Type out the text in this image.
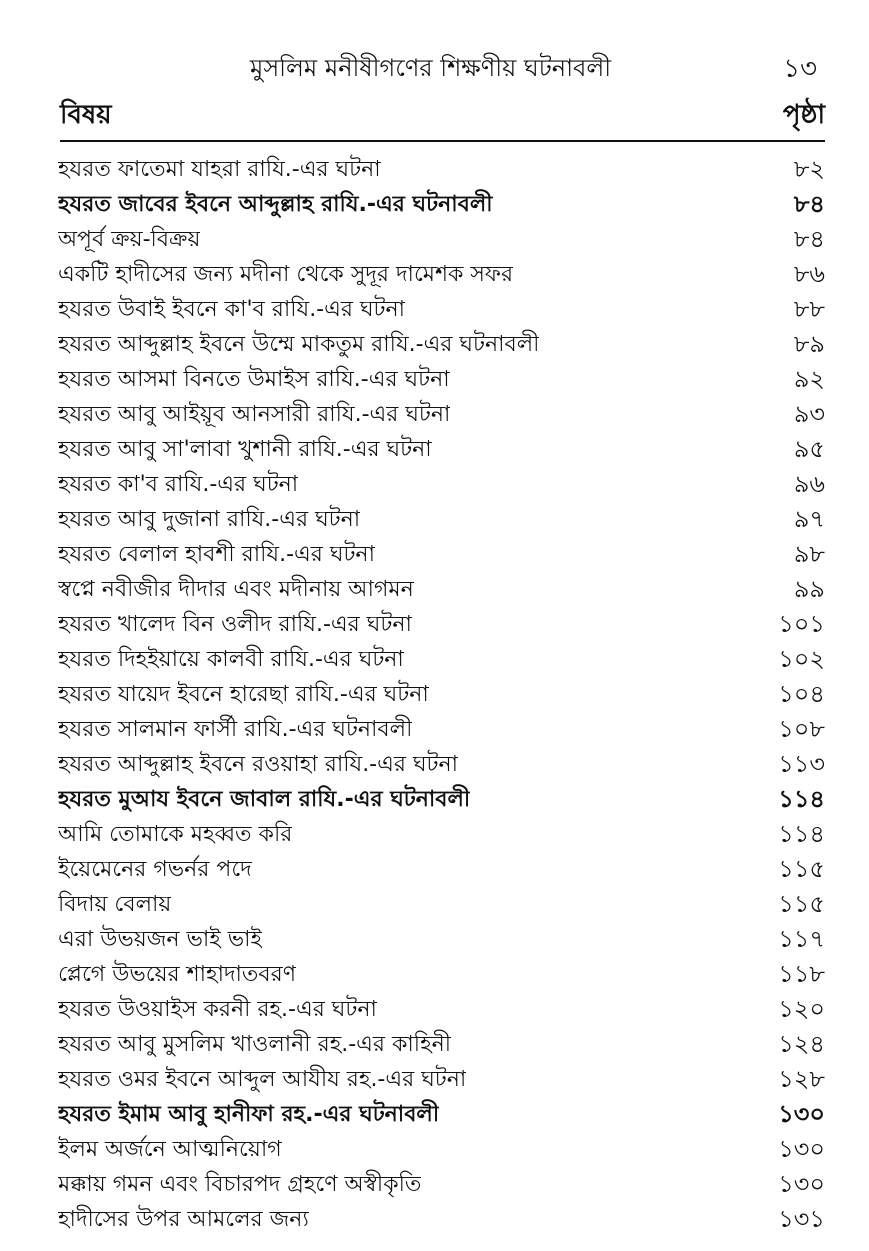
মুসলিম মনীষীগণের শিক্ষণীয় ঘটনাবলী	১৩
বিষয়	পৃষ্ঠা
হযরত ফাতেমা যাহরা রাযি.-এর ঘটনা	৮২
হযরত জাবের ইবনে আব্দুল্লাহ রাযি.-এর ঘটনাবলী	৮৪
অপূর্ব ক্রয়-বিক্রয়	৮৪
একটি হাদীসের জন্য মদীনা থেকে সুদূর দামেশক সফর	৮৬
হযরত উবাই ইবনে কা'ব রাযি.-এর ঘটনা	৮৮
হযরত আব্দুল্লাহ ইবনে উম্মে মাকতুম রাযি.-এর ঘটনাবলী	৮৯
হযরত আসমা বিনতে উমাইস রাযি.-এর ঘটনা	৯২
হযরত আবু আইয়ূব আনসারী রাযি.-এর ঘটনা	৯৩
হযরত আবু সা'লাবা খুশানী রাযি.-এর ঘটনা	৯৫
হযরত কা'ব রাযি.-এর ঘটনা	৯৬
হযরত আবু দুজানা রাযি.-এর ঘটনা	৯৭
হযরত বেলাল হাবশী রাযি.-এর ঘটনা	৯৮
স্বপ্নে নবীজীর দীদার এবং মদীনায় আগমন	৯৯
হযরত খালেদ বিন ওলীদ রাযি.-এর ঘটনা	১০১
হযরত দিহইয়ায়ে কালবী রাযি.-এর ঘটনা	১০২
হযরত যায়েদ ইবনে হারেছা রাযি.-এর ঘটনা	১০৪
হযরত সালমান ফার্সী রাযি.-এর ঘটনাবলী	১০৮
হযরত আব্দুল্লাহ ইবনে রওয়াহা রাযি.-এর ঘটনা	১১৩
হযরত মুআয ইবনে জাবাল রাযি.-এর ঘটনাবলী	১১৪
আমি তোমাকে মহব্বত করি	১১৪
ইয়েমেনের গভর্নর পদে	১১৫
বিদায় বেলায়	১১৫
এরা উভয়জন ভাই ভাই	১১৭
প্লেগে উভয়ের শাহাদাতবরণ	১১৮
হযরত উওয়াইস করনী রহ.-এর ঘটনা	১২০
হযরত আবু মুসলিম খাওলানী রহ.-এর কাহিনী	১২৪
হযরত ওমর ইবনে আব্দুল আযীয রহ.-এর ঘটনা	১২৮
হযরত ইমাম আবু হানীফা রহ.-এর ঘটনাবলী	১৩০
ইলম অর্জনে আত্মনিয়োগ	১৩০
মক্কায় গমন এবং বিচারপদ গ্রহণে অস্বীকৃতি	১৩০
হাদীসের উপর আমলের জন্য	১৩১
